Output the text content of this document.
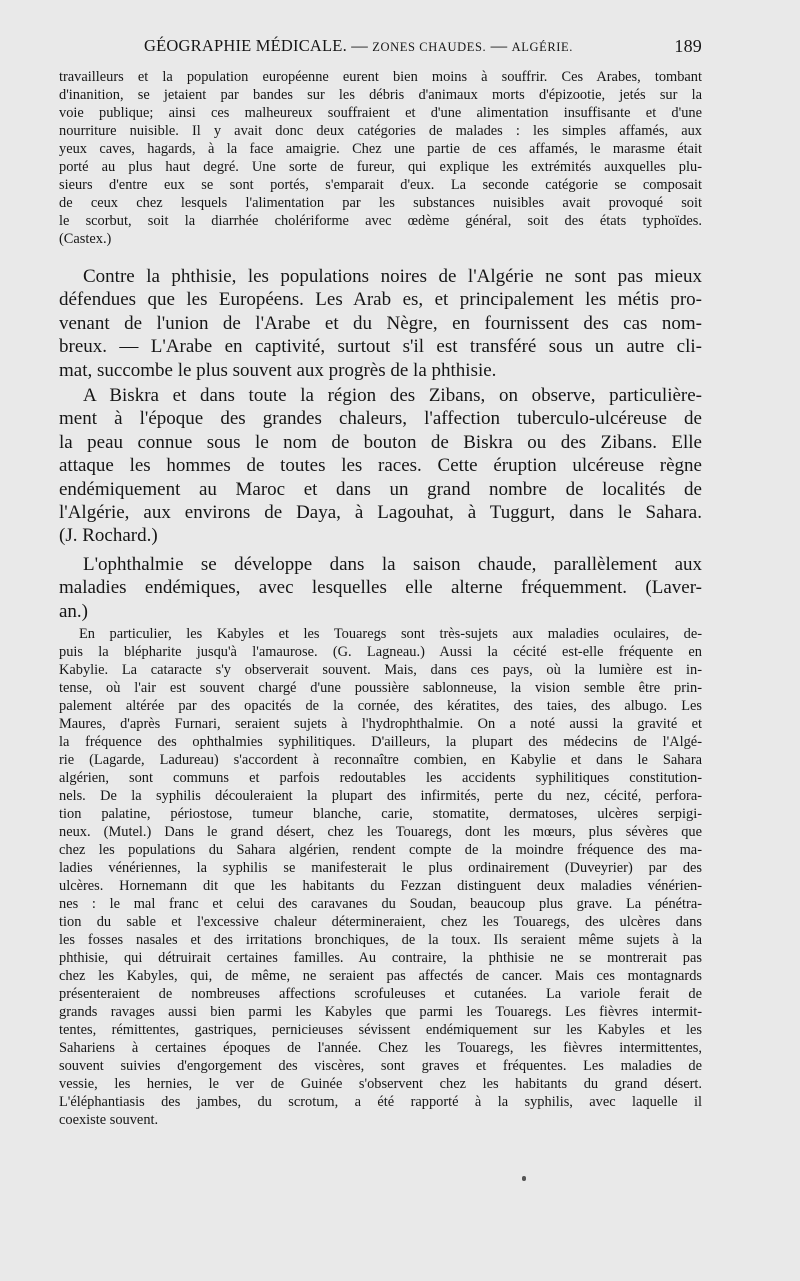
GÉOGRAPHIE MÉDICALE. — ZONES CHAUDES. — ALGÉRIE.	189
travailleurs et la population européenne eurent bien moins à souffrir. Ces Arabes, tombant
d'inanition, se jetaient par bandes sur les débris d'animaux morts d'épizootie, jetés sur la
voie publique; ainsi ces malheureux souffraient et d'une alimentation insuffisante et d'une
nourriture nuisible. Il y avait donc deux catégories de malades : les simples affamés, aux
yeux caves, hagards, à la face amaigrie. Chez une partie de ces affamés, le marasme était
porté au plus haut degré. Une sorte de fureur, qui explique les extrémités auxquelles plu-
sieurs d'entre eux se sont portés, s'emparait d'eux. La seconde catégorie se composait
de ceux chez lesquels l'alimentation par les substances nuisibles avait provoqué soit
le scorbut, soit la diarrhée cholériforme avec œdème général, soit des états typhoïdes.
(Castex.)
Contre la phthisie, les populations noires de l'Algérie ne sont pas mieux
défendues que les Européens. Les Arab es, et principalement les métis pro-
venant de l'union de l'Arabe et du Nègre, en fournissent des cas nom-
breux. — L'Arabe en captivité, surtout s'il est transféré sous un autre cli-
mat, succombe le plus souvent aux progrès de la phthisie.
A Biskra et dans toute la région des Zibans, on observe, particulière-
ment à l'époque des grandes chaleurs, l'affection tuberculo-ulcéreuse de
la peau connue sous le nom de bouton de Biskra ou des Zibans. Elle
attaque les hommes de toutes les races. Cette éruption ulcéreuse règne
endémiquement au Maroc et dans un grand nombre de localités de
l'Algérie, aux environs de Daya, à Lagouhat, à Tuggurt, dans le Sahara.
(J. Rochard.)
L'ophthalmie se développe dans la saison chaude, parallèlement aux
maladies endémiques, avec lesquelles elle alterne fréquemment. (Laver-
an.)
En particulier, les Kabyles et les Touaregs sont très-sujets aux maladies oculaires, de-
puis la blépharite jusqu'à l'amaurose. (G. Lagneau.) Aussi la cécité est-elle fréquente en
Kabylie. La cataracte s'y observerait souvent. Mais, dans ces pays, où la lumière est in-
tense, où l'air est souvent chargé d'une poussière sablonneuse, la vision semble être prin-
palement altérée par des opacités de la cornée, des kératites, des taies, des albugo. Les
Maures, d'après Furnari, seraient sujets à l'hydrophthalmie. On a noté aussi la gravité et
la fréquence des ophthalmies syphilitiques. D'ailleurs, la plupart des médecins de l'Algé-
rie (Lagarde, Ladureau) s'accordent à reconnaître combien, en Kabylie et dans le Sahara
algérien, sont communs et parfois redoutables les accidents syphilitiques constitution-
nels. De la syphilis découleraient la plupart des infirmités, perte du nez, cécité, perfora-
tion palatine, périostose, tumeur blanche, carie, stomatite, dermatoses, ulcères serpigi-
neux. (Mutel.) Dans le grand désert, chez les Touaregs, dont les mœurs, plus sévères que
chez les populations du Sahara algérien, rendent compte de la moindre fréquence des ma-
ladies vénériennes, la syphilis se manifesterait le plus ordinairement (Duveyrier) par des
ulcères. Hornemann dit que les habitants du Fezzan distinguent deux maladies vénérien-
nes : le mal franc et celui des caravanes du Soudan, beaucoup plus grave. La pénétra-
tion du sable et l'excessive chaleur détermineraient, chez les Touaregs, des ulcères dans
les fosses nasales et des irritations bronchiques, de la toux. Ils seraient même sujets à la
phthisie, qui détruirait certaines familles. Au contraire, la phthisie ne se montrerait pas
chez les Kabyles, qui, de même, ne seraient pas affectés de cancer. Mais ces montagnards
présenteraient de nombreuses affections scrofuleuses et cutanées. La variole ferait de
grands ravages aussi bien parmi les Kabyles que parmi les Touaregs. Les fièvres intermit-
tentes, rémittentes, gastriques, pernicieuses sévissent endémiquement sur les Kabyles et les
Sahariens à certaines époques de l'année. Chez les Touaregs, les fièvres intermittentes,
souvent suivies d'engorgement des viscères, sont graves et fréquentes. Les maladies de
vessie, les hernies, le ver de Guinée s'observent chez les habitants du grand désert.
L'éléphantiasis des jambes, du scrotum, a été rapporté à la syphilis, avec laquelle il
coexiste souvent.
